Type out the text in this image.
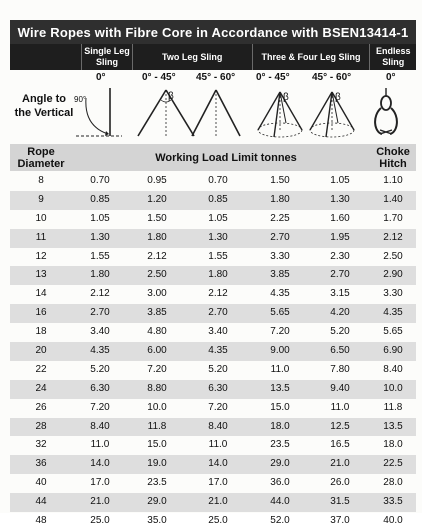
Wire Ropes with Fibre Core in Accordance with BSEN13414-1
Single Leg Sling
Two Leg Sling	Three & Four Leg Sling
Endless Sling
0°	0° - 45° 45° - 60° 0° - 45° 45° - 60°	0°
Angle to the Vertical
90°	β	β	β
Rope Diameter	Working Load Limit tonnes	Choke Hitch
8	0.70	0.95	0.70	1.50	1.05	1.10
9	0.85	1.20	0.85	1.80	1.30	1.40
10	1.05	1.50	1.05	2.25	1.60	1.70
11	1.30	1.80	1.30	2.70	1.95	2.12
12	1.55	2.12	1.55	3.30	2.30	2.50
13	1.80	2.50	1.80	3.85	2.70	2.90
14	2.12	3.00	2.12	4.35	3.15	3.30
16	2.70	3.85	2.70	5.65	4.20	4.35
18	3.40	4.80	3.40	7.20	5.20	5.65
20	4.35	6.00	4.35	9.00	6.50	6.90
22	5.20	7.20	5.20	11.0	7.80	8.40
24	6.30	8.80	6.30	13.5	9.40	10.0
26	7.20	10.0	7.20	15.0	11.0	11.8
28	8.40	11.8	8.40	18.0	12.5	13.5
32	11.0	15.0	11.0	23.5	16.5	18.0
36	14.0	19.0	14.0	29.0	21.0	22.5
40	17.0	23.5	17.0	36.0	26.0	28.0
44	21.0	29.0	21.0	44.0	31.5	33.5
48	25.0	35.0	25.0	52.0	37.0	40.0
